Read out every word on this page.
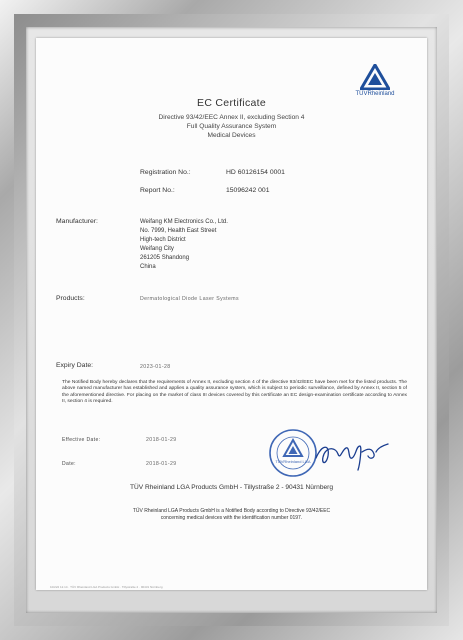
TÜVRheinland
EC Certificate
Directive 93/42/EEC Annex II, excluding Section 4
Full Quality Assurance System
Medical Devices
Registration No.:	HD 60126154 0001
Report No.:	15096242 001
Manufacturer:	Weifang KM Electronics Co., Ltd.
No. 7999, Health East Street
High-tech District
Weifang City
261205 Shandong
China
Products:	Dermatological Diode Laser Systems
Expiry Date:	2023-01-28
The Notified Body hereby declares that the requirements of Annex II, excluding section 4 of the directive 93/42/EEC have been met for the listed products. The above named manufacturer has established and applies a quality assurance system, which is subject to periodic surveillance, defined by Annex II, section 5 of the aforementioned directive. For placing on the market of class III devices covered by this certificate an EC design-examination certificate according to Annex II, section 4 is required.
Effective Date:	2018-01-29
Date:	2018-01-29	TÜVRheinland LGA
TÜV Rheinland LGA Products GmbH - Tillystraße 2 - 90431 Nürnberg
TÜV Rheinland LGA Products GmbH is a Notified Body according to Directive 93/42/EEC
concerning medical devices with the identification number 0197.
10/222 12.14 · TÜV Rheinland LGA Products GmbH · Tillystraße 2 · 90431 Nürnberg
